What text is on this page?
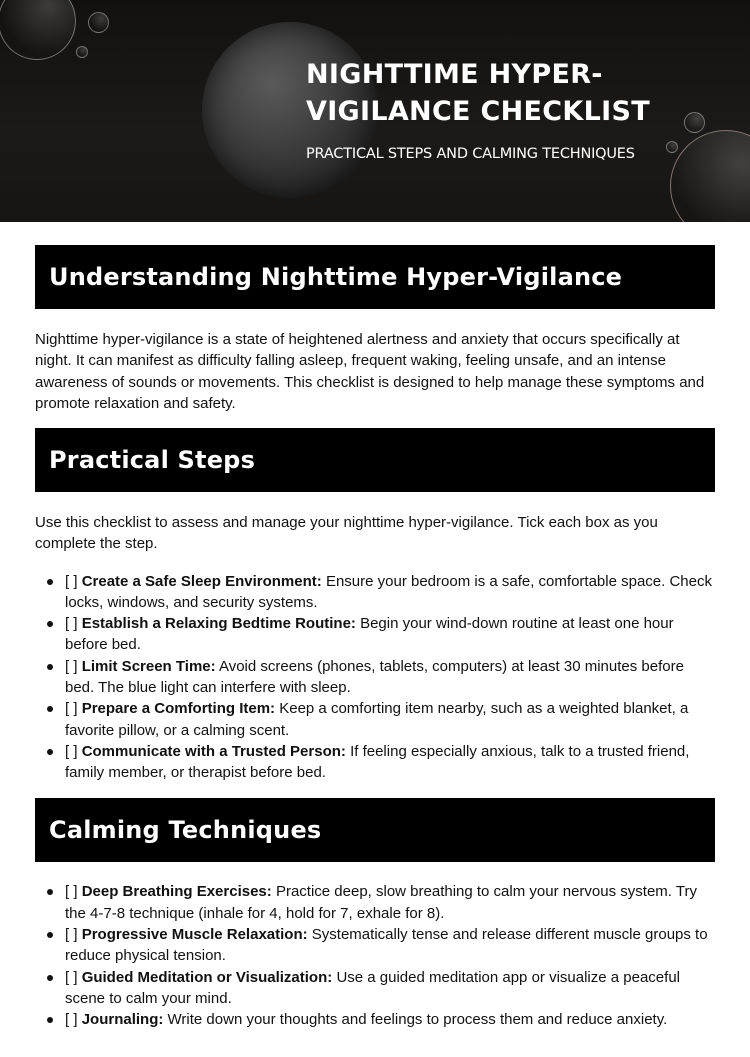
NIGHTTIME HYPER-VIGILANCE CHECKLIST

PRACTICAL STEPS AND CALMING TECHNIQUES

Understanding Nighttime Hyper-Vigilance

Nighttime hyper-vigilance is a state of heightened alertness and anxiety that occurs specifically at night. It can manifest as difficulty falling asleep, frequent waking, feeling unsafe, and an intense awareness of sounds or movements. This checklist is designed to help manage these symptoms and promote relaxation and safety.

Practical Steps

Use this checklist to assess and manage your nighttime hyper-vigilance. Tick each box as you complete the step.

[ ] Create a Safe Sleep Environment: Ensure your bedroom is a safe, comfortable space. Check locks, windows, and security systems.
[ ] Establish a Relaxing Bedtime Routine: Begin your wind-down routine at least one hour before bed.
[ ] Limit Screen Time: Avoid screens (phones, tablets, computers) at least 30 minutes before bed. The blue light can interfere with sleep.
[ ] Prepare a Comforting Item: Keep a comforting item nearby, such as a weighted blanket, a favorite pillow, or a calming scent.
[ ] Communicate with a Trusted Person: If feeling especially anxious, talk to a trusted friend, family member, or therapist before bed.
Calming Techniques
[ ] Deep Breathing Exercises: Practice deep, slow breathing to calm your nervous system. Try the 4-7-8 technique (inhale for 4, hold for 7, exhale for 8).
[ ] Progressive Muscle Relaxation: Systematically tense and release different muscle groups to reduce physical tension.
[ ] Guided Meditation or Visualization: Use a guided meditation app or visualize a peaceful scene to calm your mind.
[ ] Journaling: Write down your thoughts and feelings to process them and reduce anxiety.
